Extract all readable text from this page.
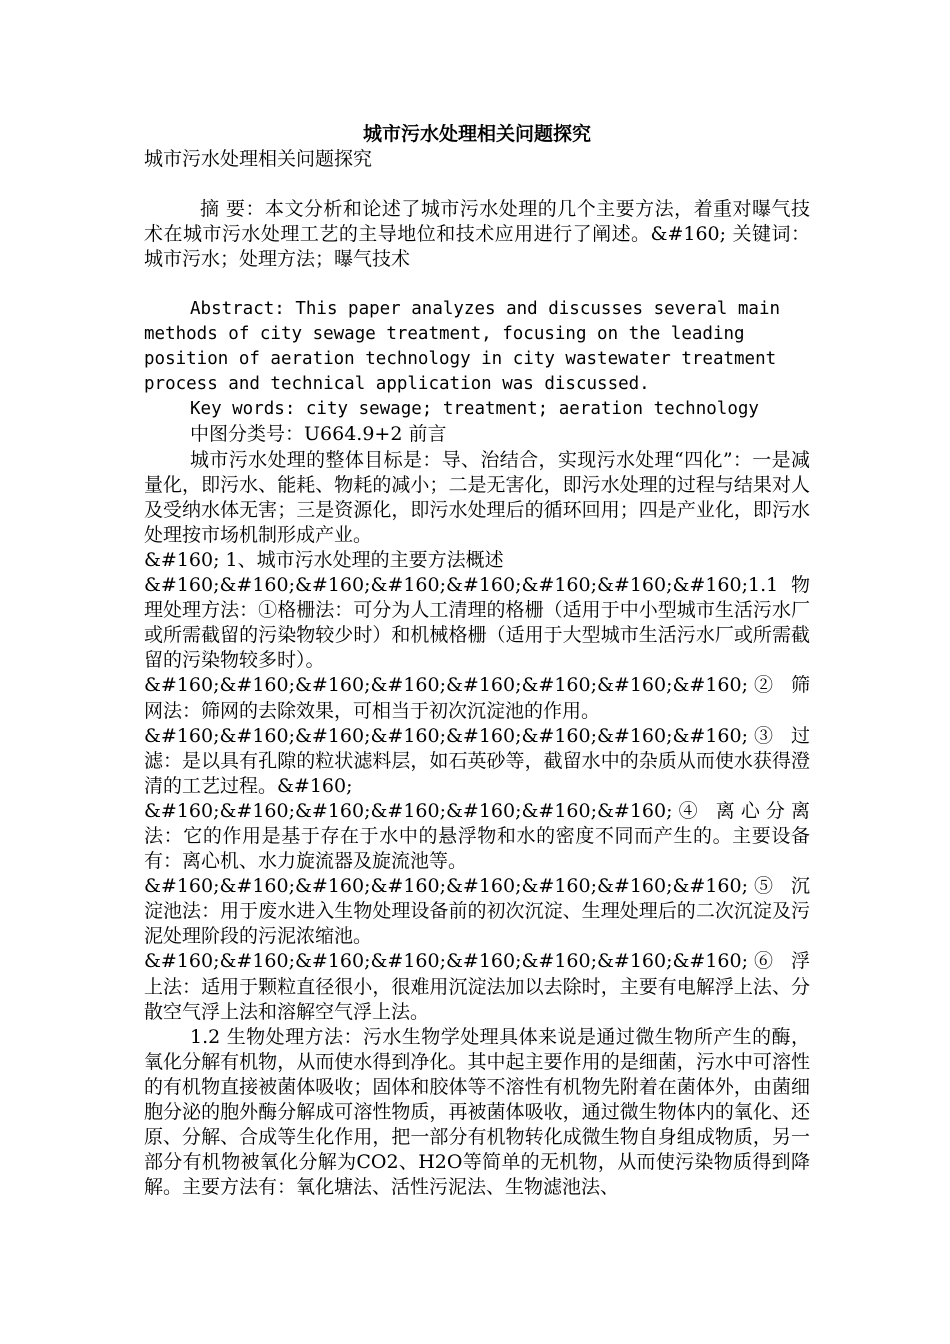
城市污水处理相关问题探究

城市污水处理相关问题探究

摘 要：本文分析和论述了城市污水处理的几个主要方法，着重对曝气技术在城市污水处理工艺的主导地位和技术应用进行了阐述。&#160; 关键词：城市污水；处理方法；曝气技术

Abstract: This paper analyzes and discusses several main methods of city sewage treatment, focusing on the leading position of aeration technology in city wastewater treatment process and technical application was discussed.

Key words: city sewage; treatment; aeration technology

中图分类号：U664.9+2 前言

城市污水处理的整体目标是：导、治结合，实现污水处理“四化”：一是减量化，即污水、能耗、物耗的减小；二是无害化，即污水处理的过程与结果对人及受纳水体无害；三是资源化，即污水处理后的循环回用；四是产业化，即污水处理按市场机制形成产业。

&#160; 1、城市污水处理的主要方法概述

&#160;&#160;&#160;&#160;&#160;&#160;&#160;&#160;1.1 物理处理方法：①格栅法：可分为人工清理的格栅（适用于中小型城市生活污水厂或所需截留的污染物较少时）和机械格栅（适用于大型城市生活污水厂或所需截留的污染物较多时）。

&#160;&#160;&#160;&#160;&#160;&#160;&#160;&#160;② 筛网法：筛网的去除效果，可相当于初次沉淀池的作用。

&#160;&#160;&#160;&#160;&#160;&#160;&#160;&#160;③ 过滤：是以具有孔隙的粒状滤料层，如石英砂等，截留水中的杂质从而使水获得澄清的工艺过程。&#160;

&#160;&#160;&#160;&#160;&#160;&#160;&#160;④ 离心分离法：它的作用是基于存在于水中的悬浮物和水的密度不同而产生的。主要设备有：离心机、水力旋流器及旋流池等。

&#160;&#160;&#160;&#160;&#160;&#160;&#160;&#160;⑤ 沉淀池法：用于废水进入生物处理设备前的初次沉淀、生理处理后的二次沉淀及污泥处理阶段的污泥浓缩池。

&#160;&#160;&#160;&#160;&#160;&#160;&#160;&#160;⑥ 浮上法：适用于颗粒直径很小，很难用沉淀法加以去除时，主要有电解浮上法、分散空气浮上法和溶解空气浮上法。

1.2 生物处理方法：污水生物学处理具体来说是通过微生物所产生的酶，氧化分解有机物，从而使水得到净化。其中起主要作用的是细菌，污水中可溶性的有机物直接被菌体吸收；固体和胶体等不溶性有机物先附着在菌体外，由菌细胞分泌的胞外酶分解成可溶性物质，再被菌体吸收，通过微生物体内的氧化、还原、分解、合成等生化作用，把一部分有机物转化成微生物自身组成物质，另一部分有机物被氧化分解为CO2、H2O等简单的无机物，从而使污染物质得到降解。主要方法有：氧化塘法、活性污泥法、生物滤池法、
